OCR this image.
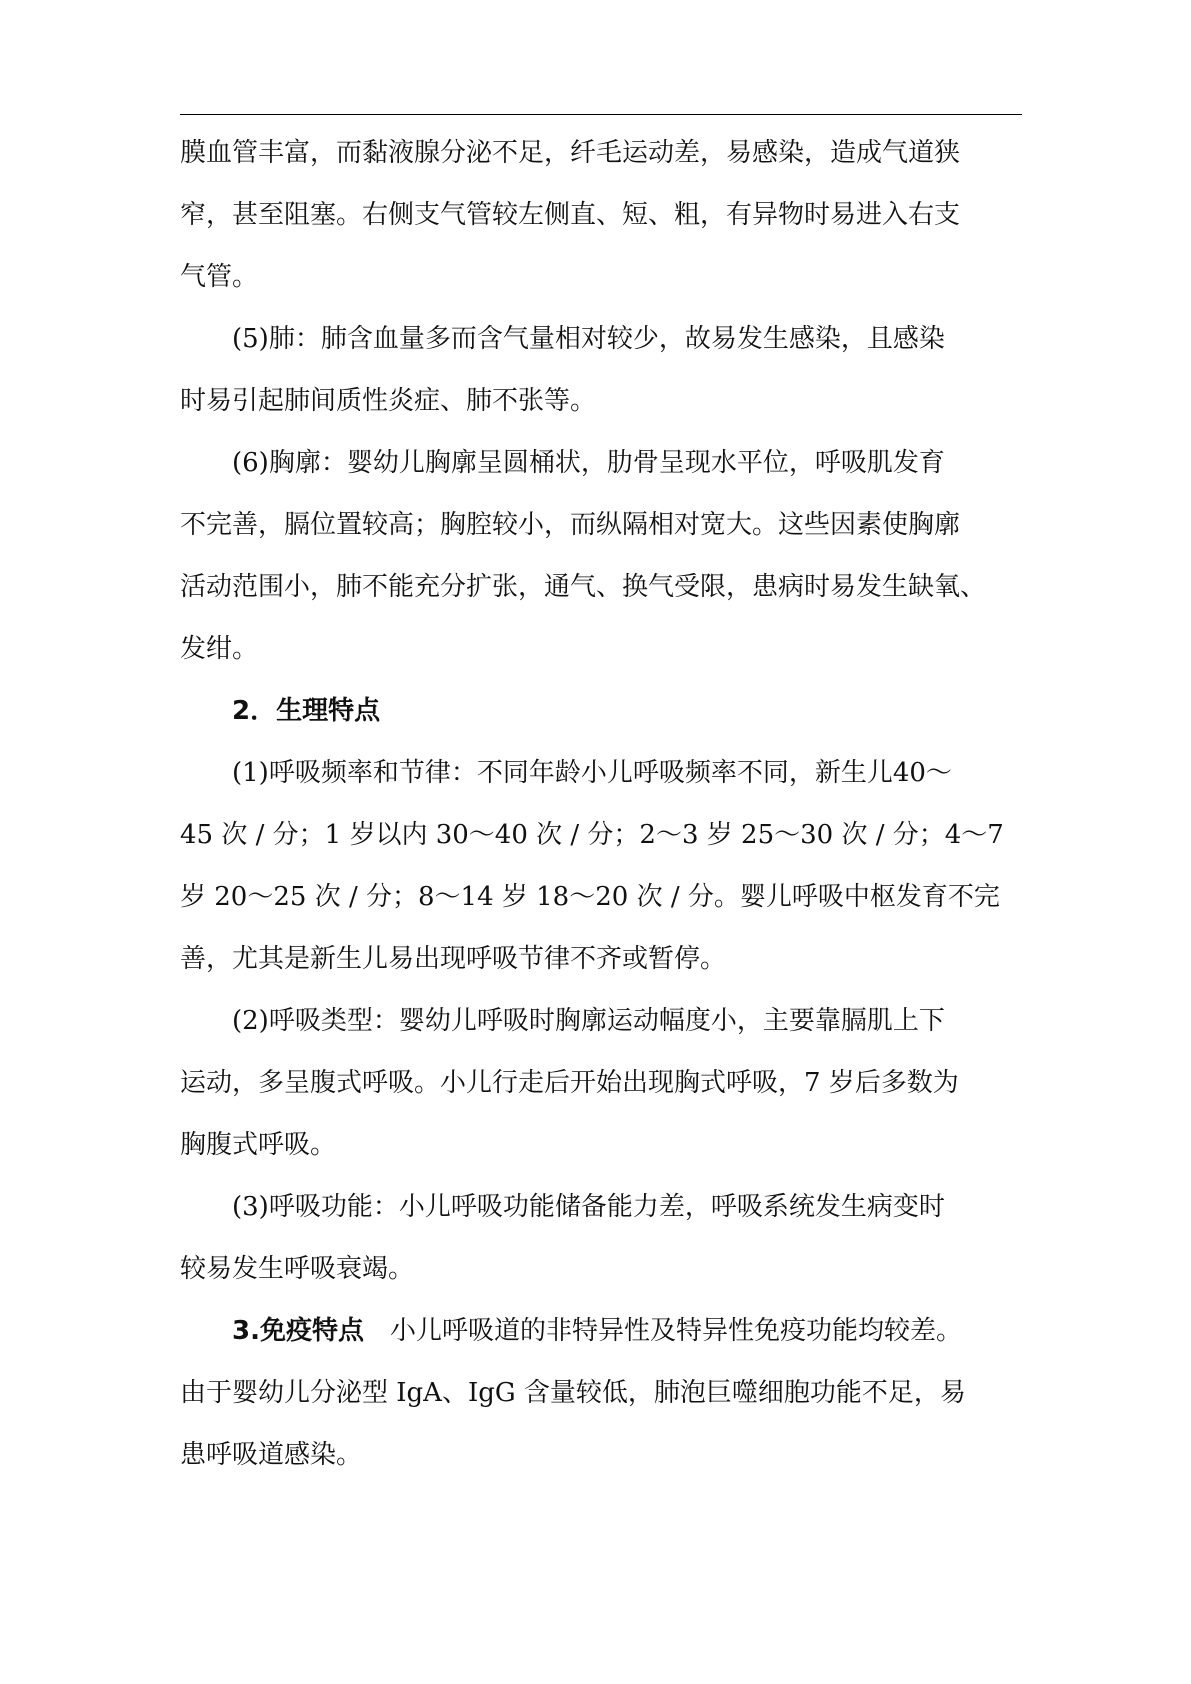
膜血管丰富，而黏液腺分泌不足，纤毛运动差，易感染，造成气道狭
窄，甚至阻塞。右侧支气管较左侧直、短、粗，有异物时易进入右支
气管。

(5)肺：肺含血量多而含气量相对较少，故易发生感染，且感染
时易引起肺间质性炎症、肺不张等。

(6)胸廓：婴幼儿胸廓呈圆桶状，肋骨呈现水平位，呼吸肌发育
不完善，膈位置较高；胸腔较小，而纵隔相对宽大。这些因素使胸廓
活动范围小，肺不能充分扩张，通气、换气受限，患病时易发生缺氧、
发绀。

2．生理特点

(1)呼吸频率和节律：不同年龄小儿呼吸频率不同，新生儿40～
45 次 / 分；1 岁以内 30～40 次 / 分；2～3 岁 25～30 次 / 分；4～7
岁 20～25 次 / 分；8～14 岁 18～20 次 / 分。婴儿呼吸中枢发育不完
善，尤其是新生儿易出现呼吸节律不齐或暂停。

(2)呼吸类型：婴幼儿呼吸时胸廓运动幅度小，主要靠膈肌上下
运动，多呈腹式呼吸。小儿行走后开始出现胸式呼吸，7 岁后多数为
胸腹式呼吸。

(3)呼吸功能：小儿呼吸功能储备能力差，呼吸系统发生病变时
较易发生呼吸衰竭。

3.免疫特点 小儿呼吸道的非特异性及特异性免疫功能均较差。
由于婴幼儿分泌型 IgA、IgG 含量较低，肺泡巨噬细胞功能不足，易
患呼吸道感染。
